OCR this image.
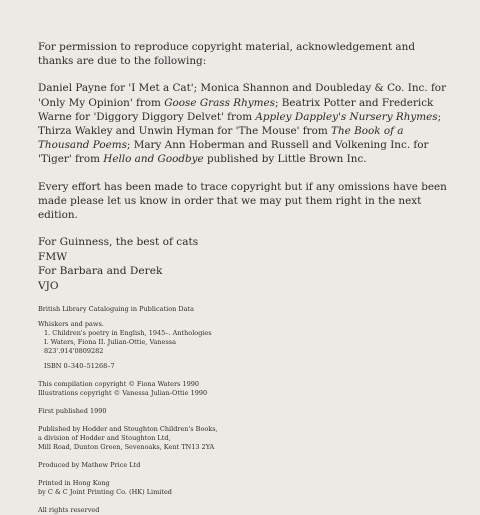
For permission to reproduce copyright material, acknowledgement and thanks are due to the following:

Daniel Payne for 'I Met a Cat'; Monica Shannon and Doubleday & Co. Inc. for 'Only My Opinion' from Goose Grass Rhymes; Beatrix Potter and Frederick Warne for 'Diggory Diggory Delvet' from Appley Dappley's Nursery Rhymes; Thirza Wakley and Unwin Hyman for 'The Mouse' from The Book of a Thousand Poems; Mary Ann Hoberman and Russell and Volkening Inc. for 'Tiger' from Hello and Goodbye published by Little Brown Inc.

Every effort has been made to trace copyright but if any omissions have been made please let us know in order that we may put them right in the next edition.

For Guinness, the best of cats
FMW
For Barbara and Derek
VJO

British Library Cataloguing in Publication Data

Whiskers and paws.

1. Children's poetry in English, 1945–. Anthologies

I. Waters, Fiona II. Julian-Ottie, Vanessa

823'.914'0809282

ISBN 0–340–51268–7

This compilation copyright © Fiona Waters 1990

Illustrations copyright © Vanessa Julian-Ottie 1990

First published 1990

Published by Hodder and Stoughton Children's Books,

a division of Hodder and Stoughton Ltd,

Mill Road, Dunton Green, Sevenoaks, Kent TN13 2YA

Produced by Mathew Price Ltd

Printed in Hong Kong

by C & C Joint Printing Co. (HK) Limited

All rights reserved
